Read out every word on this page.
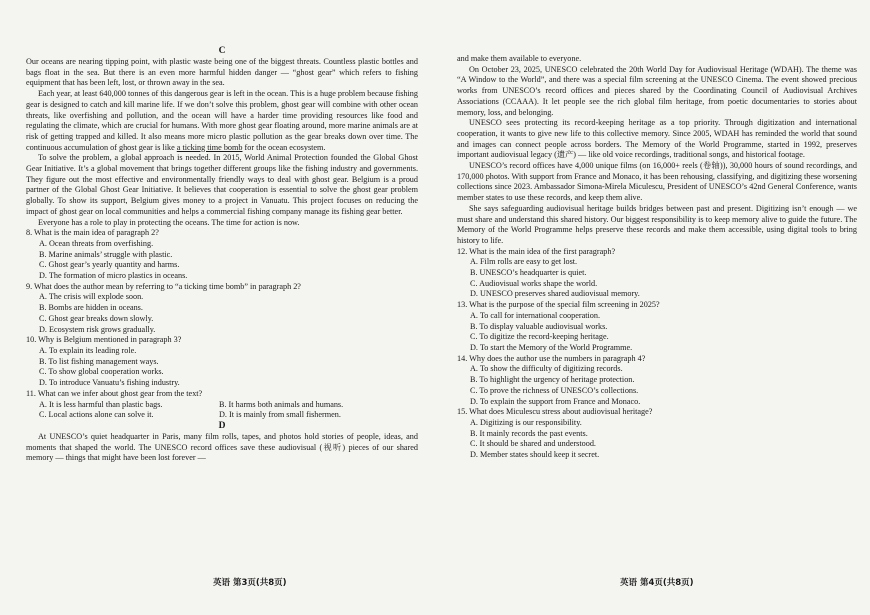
C

Our oceans are nearing tipping point, with plastic waste being one of the biggest threats. Countless plastic bottles and bags float in the sea. But there is an even more harmful hidden danger — “ghost gear” which refers to fishing equipment that has been left, lost, or thrown away in the sea.

Each year, at least 640,000 tonnes of this dangerous gear is left in the ocean. This is a huge problem because fishing gear is designed to catch and kill marine life. If we don’t solve this problem, ghost gear will combine with other ocean threats, like overfishing and pollution, and the ocean will have a harder time providing resources like food and regulating the climate, which are crucial for humans. With more ghost gear floating around, more marine animals are at risk of getting trapped and killed. It also means more micro plastic pollution as the gear breaks down over time. The continuous accumulation of ghost gear is like a ticking time bomb for the ocean ecosystem.

To solve the problem, a global approach is needed. In 2015, World Animal Protection founded the Global Ghost Gear Initiative. It’s a global movement that brings together different groups like the fishing industry and governments. They figure out the most effective and environmentally friendly ways to deal with ghost gear. Belgium is a proud partner of the Global Ghost Gear Initiative. It believes that cooperation is essential to solve the ghost gear problem globally. To show its support, Belgium gives money to a project in Vanuatu. This project focuses on reducing the impact of ghost gear on local communities and helps a commercial fishing company manage its fishing gear better.

Everyone has a role to play in protecting the oceans. The time for action is now.

8. What is the main idea of paragraph 2?
A. Ocean threats from overfishing.
B. Marine animals’ struggle with plastic.
C. Ghost gear’s yearly quantity and harms.
D. The formation of micro plastics in oceans.
9. What does the author mean by referring to “a ticking time bomb” in paragraph 2?
A. The crisis will explode soon.
B. Bombs are hidden in oceans.
C. Ghost gear breaks down slowly.
D. Ecosystem risk grows gradually.
10. Why is Belgium mentioned in paragraph 3?
A. To explain its leading role.
B. To list fishing management ways.
C. To show global cooperation works.
D. To introduce Vanuatu’s fishing industry.
11. What can we infer about ghost gear from the text?
A. It is less harmful than plastic bags.	B. It harms both animals and humans.
C. Local actions alone can solve it.	D. It is mainly from small fishermen.
D

At UNESCO’s quiet headquarter in Paris, many film rolls, tapes, and photos hold stories of people, ideas, and moments that shaped the world. The UNESCO record offices save these audiovisual (视听) pieces of our shared memory — things that might have been lost forever —

英语 第3页(共8页)

and make them available to everyone.

On October 23, 2025, UNESCO celebrated the 20th World Day for Audiovisual Heritage (WDAH). The theme was “A Window to the World”, and there was a special film screening at the UNESCO Cinema. The event showed precious works from UNESCO’s record offices and pieces shared by the Coordinating Council of Audiovisual Archives Associations (CCAAA). It let people see the rich global film heritage, from poetic documentaries to stories about memory, loss, and belonging.

UNESCO sees protecting its record-keeping heritage as a top priority. Through digitization and international cooperation, it wants to give new life to this collective memory. Since 2005, WDAH has reminded the world that sound and images can connect people across borders. The Memory of the World Programme, started in 1992, preserves important audiovisual legacy (遗产) — like old voice recordings, traditional songs, and historical footage.

UNESCO’s record offices have 4,000 unique films (on 16,000+ reels (卷轴)), 30,000 hours of sound recordings, and 170,000 photos. With support from France and Monaco, it has been rehousing, classifying, and digitizing these worsening collections since 2023. Ambassador Simona-Mirela Miculescu, President of UNESCO’s 42nd General Conference, wants member states to use these records, and keep them alive.

She says safeguarding audiovisual heritage builds bridges between past and present. Digitizing isn’t enough — we must share and understand this shared history. Our biggest responsibility is to keep memory alive to guide the future. The Memory of the World Programme helps preserve these records and make them accessible, using digital tools to bring history to life.

12. What is the main idea of the first paragraph?
A. Film rolls are easy to get lost.
B. UNESCO’s headquarter is quiet.
C. Audiovisual works shape the world.
D. UNESCO preserves shared audiovisual memory.
13. What is the purpose of the special film screening in 2025?
A. To call for international cooperation.
B. To display valuable audiovisual works.
C. To digitize the record-keeping heritage.
D. To start the Memory of the World Programme.
14. Why does the author use the numbers in paragraph 4?
A. To show the difficulty of digitizing records.
B. To highlight the urgency of heritage protection.
C. To prove the richness of UNESCO’s collections.
D. To explain the support from France and Monaco.
15. What does Miculescu stress about audiovisual heritage?
A. Digitizing is our responsibility.
B. It mainly records the past events.
C. It should be shared and understood.
D. Member states should keep it secret.
英语 第4页(共8页)
